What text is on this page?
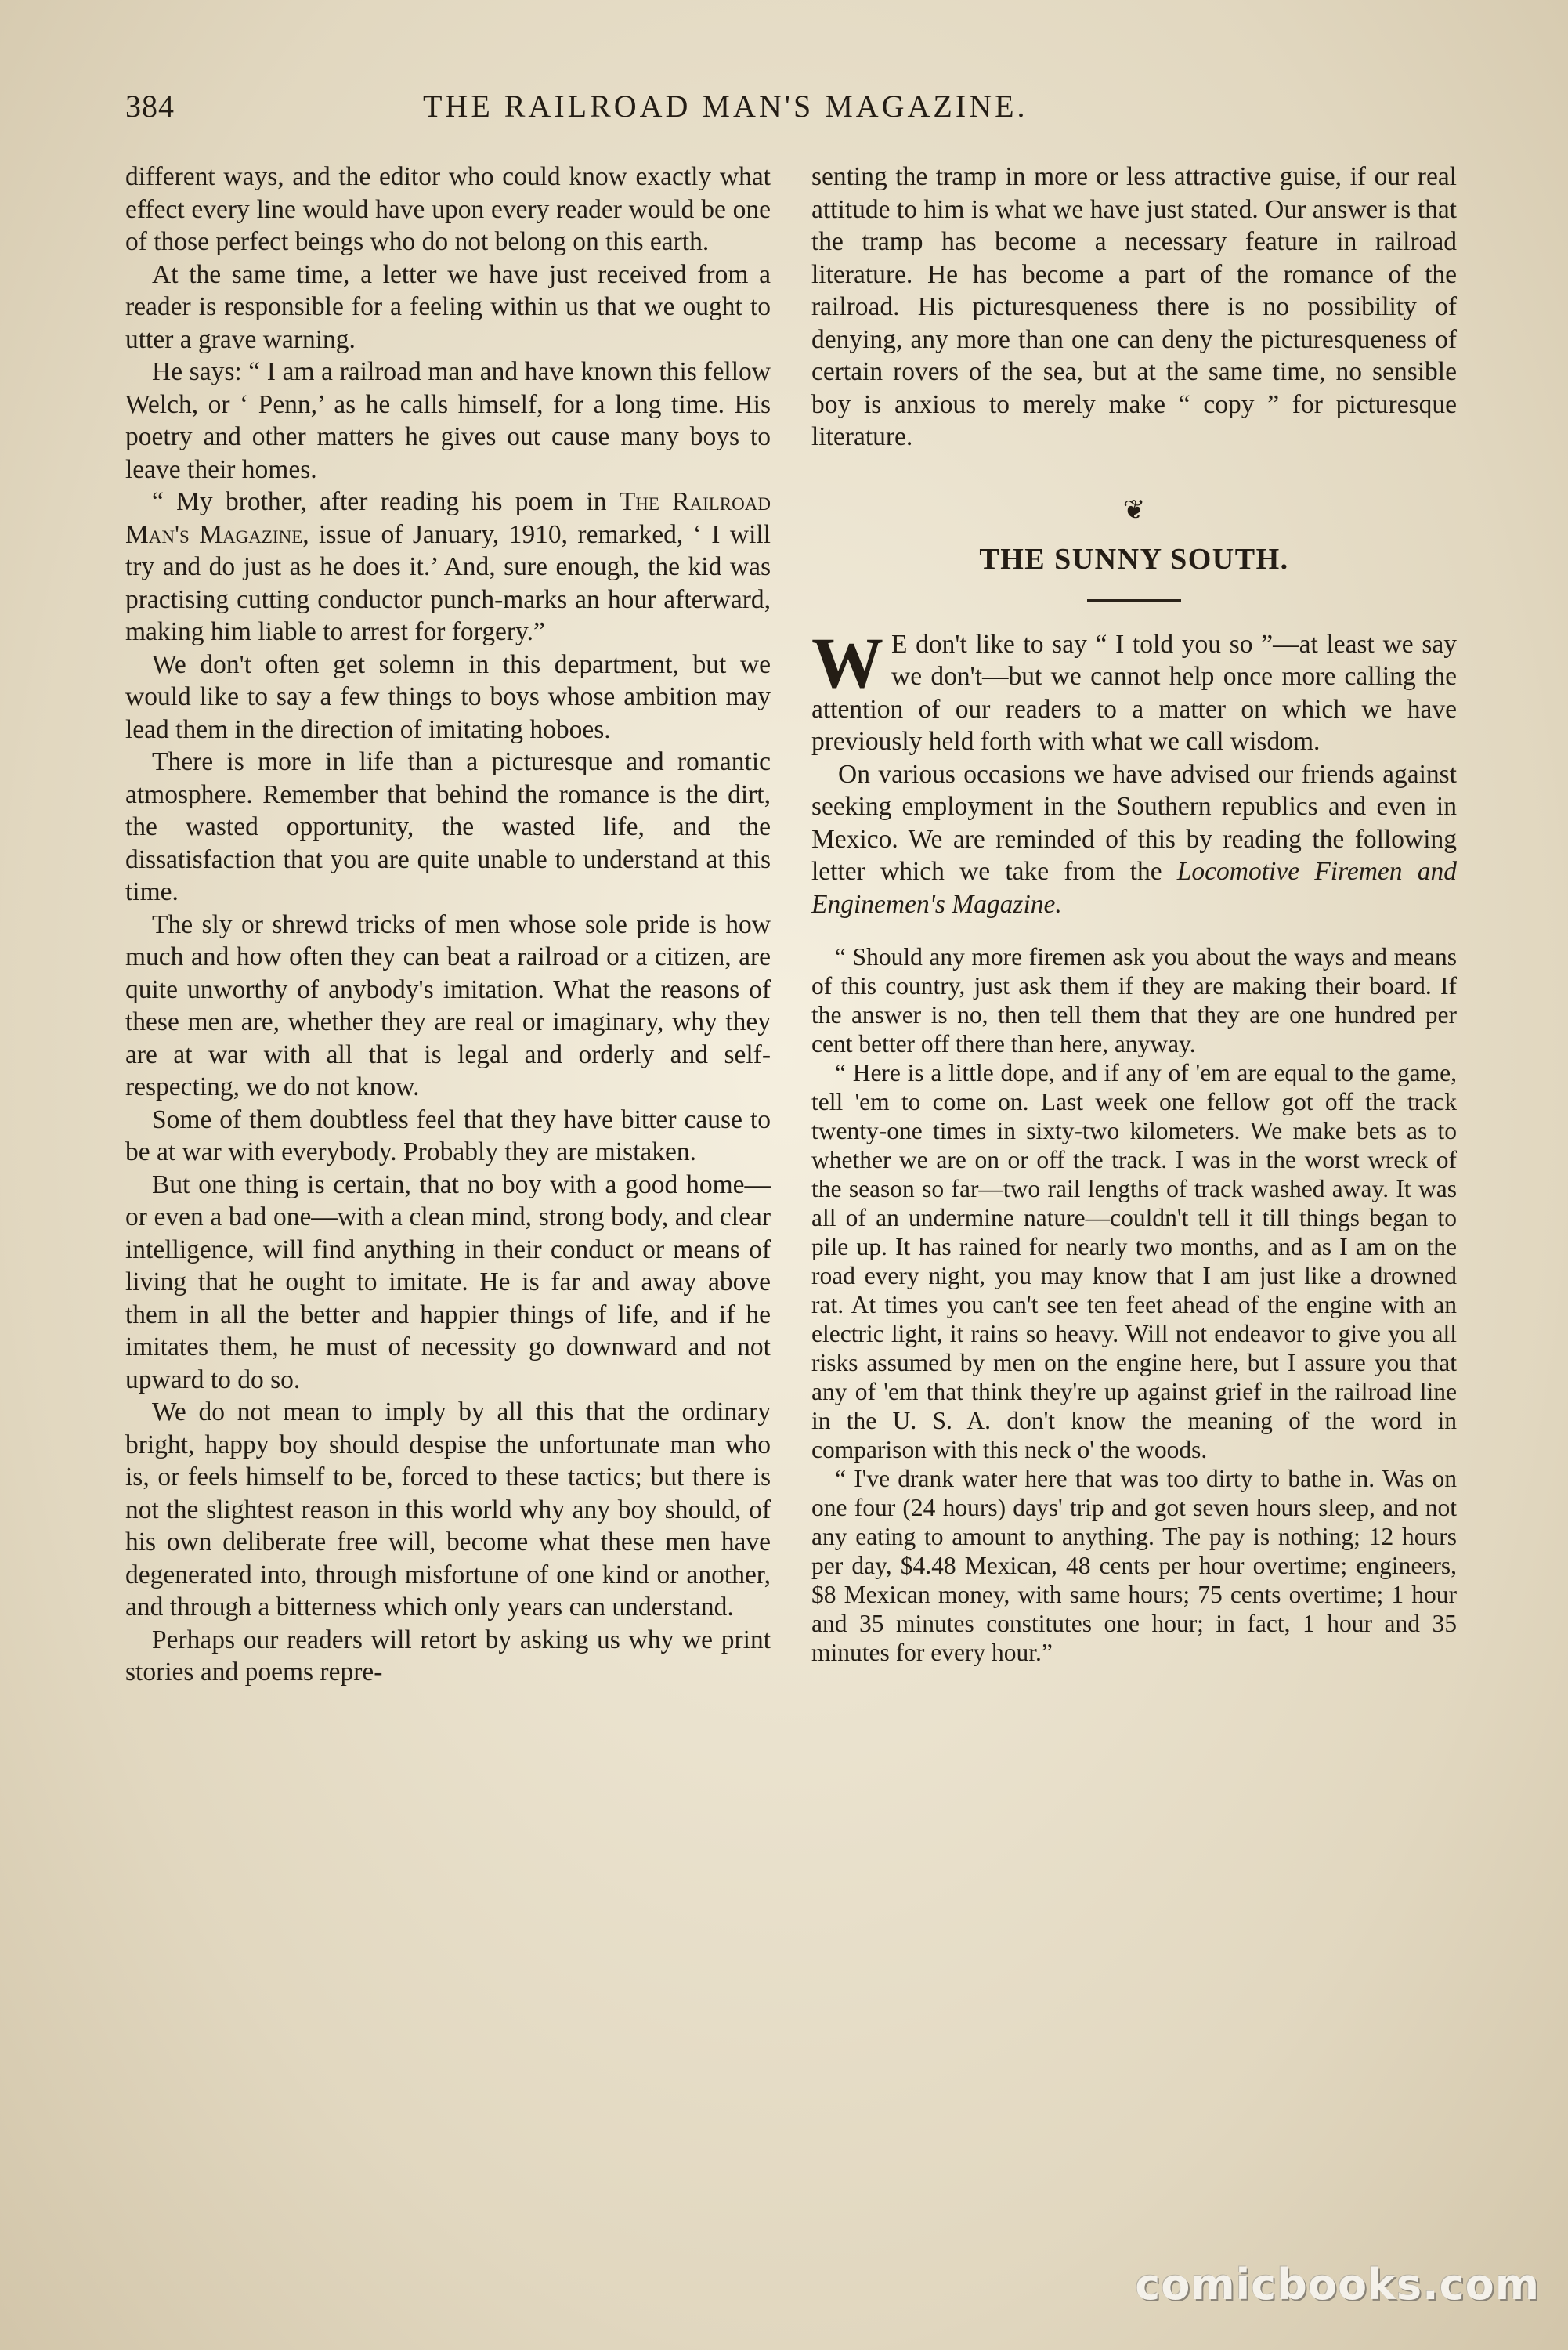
384	THE RAILROAD MAN'S MAGAZINE.

different ways, and the editor who could know exactly what effect every line would have upon every reader would be one of those perfect beings who do not belong on this earth.

At the same time, a letter we have just received from a reader is responsible for a feeling within us that we ought to utter a grave warning.

He says: “ I am a railroad man and have known this fellow Welch, or ‘ Penn,’ as he calls himself, for a long time. His poetry and other matters he gives out cause many boys to leave their homes.

“ My brother, after reading his poem in The Railroad Man's Magazine, issue of January, 1910, remarked, ‘ I will try and do just as he does it.’ And, sure enough, the kid was practising cutting conductor punch-marks an hour afterward, making him liable to arrest for forgery.”

We don't often get solemn in this department, but we would like to say a few things to boys whose ambition may lead them in the direction of imitating hoboes.

There is more in life than a picturesque and romantic atmosphere. Remember that behind the romance is the dirt, the wasted opportunity, the wasted life, and the dissatisfaction that you are quite unable to understand at this time.

The sly or shrewd tricks of men whose sole pride is how much and how often they can beat a railroad or a citizen, are quite unworthy of anybody's imitation. What the reasons of these men are, whether they are real or imaginary, why they are at war with all that is legal and orderly and self-respecting, we do not know.

Some of them doubtless feel that they have bitter cause to be at war with everybody. Probably they are mistaken.

But one thing is certain, that no boy with a good home—or even a bad one—with a clean mind, strong body, and clear intelligence, will find anything in their conduct or means of living that he ought to imitate. He is far and away above them in all the better and happier things of life, and if he imitates them, he must of necessity go downward and not upward to do so.

We do not mean to imply by all this that the ordinary bright, happy boy should despise the unfortunate man who is, or feels himself to be, forced to these tactics; but there is not the slightest reason in this world why any boy should, of his own deliberate free will, become what these men have degenerated into, through misfortune of one kind or another, and through a bitterness which only years can understand.

Perhaps our readers will retort by asking us why we print stories and poems repre-

senting the tramp in more or less attractive guise, if our real attitude to him is what we have just stated. Our answer is that the tramp has become a necessary feature in railroad literature. He has become a part of the romance of the railroad. His picturesqueness there is no possibility of denying, any more than one can deny the picturesqueness of certain rovers of the sea, but at the same time, no sensible boy is anxious to merely make “ copy ” for picturesque literature.

❦
THE SUNNY SOUTH.

W E don't like to say “ I told you so ”—at least we say we don't—but we cannot help once more calling the attention of our readers to a matter on which we have previously held forth with what we call wisdom.

On various occasions we have advised our friends against seeking employment in the Southern republics and even in Mexico. We are reminded of this by reading the following letter which we take from the Locomotive Firemen and Enginemen's Magazine.

“ Should any more firemen ask you about the ways and means of this country, just ask them if they are making their board. If the answer is no, then tell them that they are one hundred per cent better off there than here, anyway.

“ Here is a little dope, and if any of 'em are equal to the game, tell 'em to come on. Last week one fellow got off the track twenty-one times in sixty-two kilometers. We make bets as to whether we are on or off the track. I was in the worst wreck of the season so far—two rail lengths of track washed away. It was all of an undermine nature—couldn't tell it till things began to pile up. It has rained for nearly two months, and as I am on the road every night, you may know that I am just like a drowned rat. At times you can't see ten feet ahead of the engine with an electric light, it rains so heavy. Will not endeavor to give you all risks assumed by men on the engine here, but I assure you that any of 'em that think they're up against grief in the railroad line in the U. S. A. don't know the meaning of the word in comparison with this neck o' the woods.

“ I've drank water here that was too dirty to bathe in. Was on one four (24 hours) days' trip and got seven hours sleep, and not any eating to amount to anything. The pay is nothing; 12 hours per day, $4.48 Mexican, 48 cents per hour overtime; engineers, $8 Mexican money, with same hours; 75 cents overtime; 1 hour and 35 minutes constitutes one hour; in fact, 1 hour and 35 minutes for every hour.”

comicbooks.com
